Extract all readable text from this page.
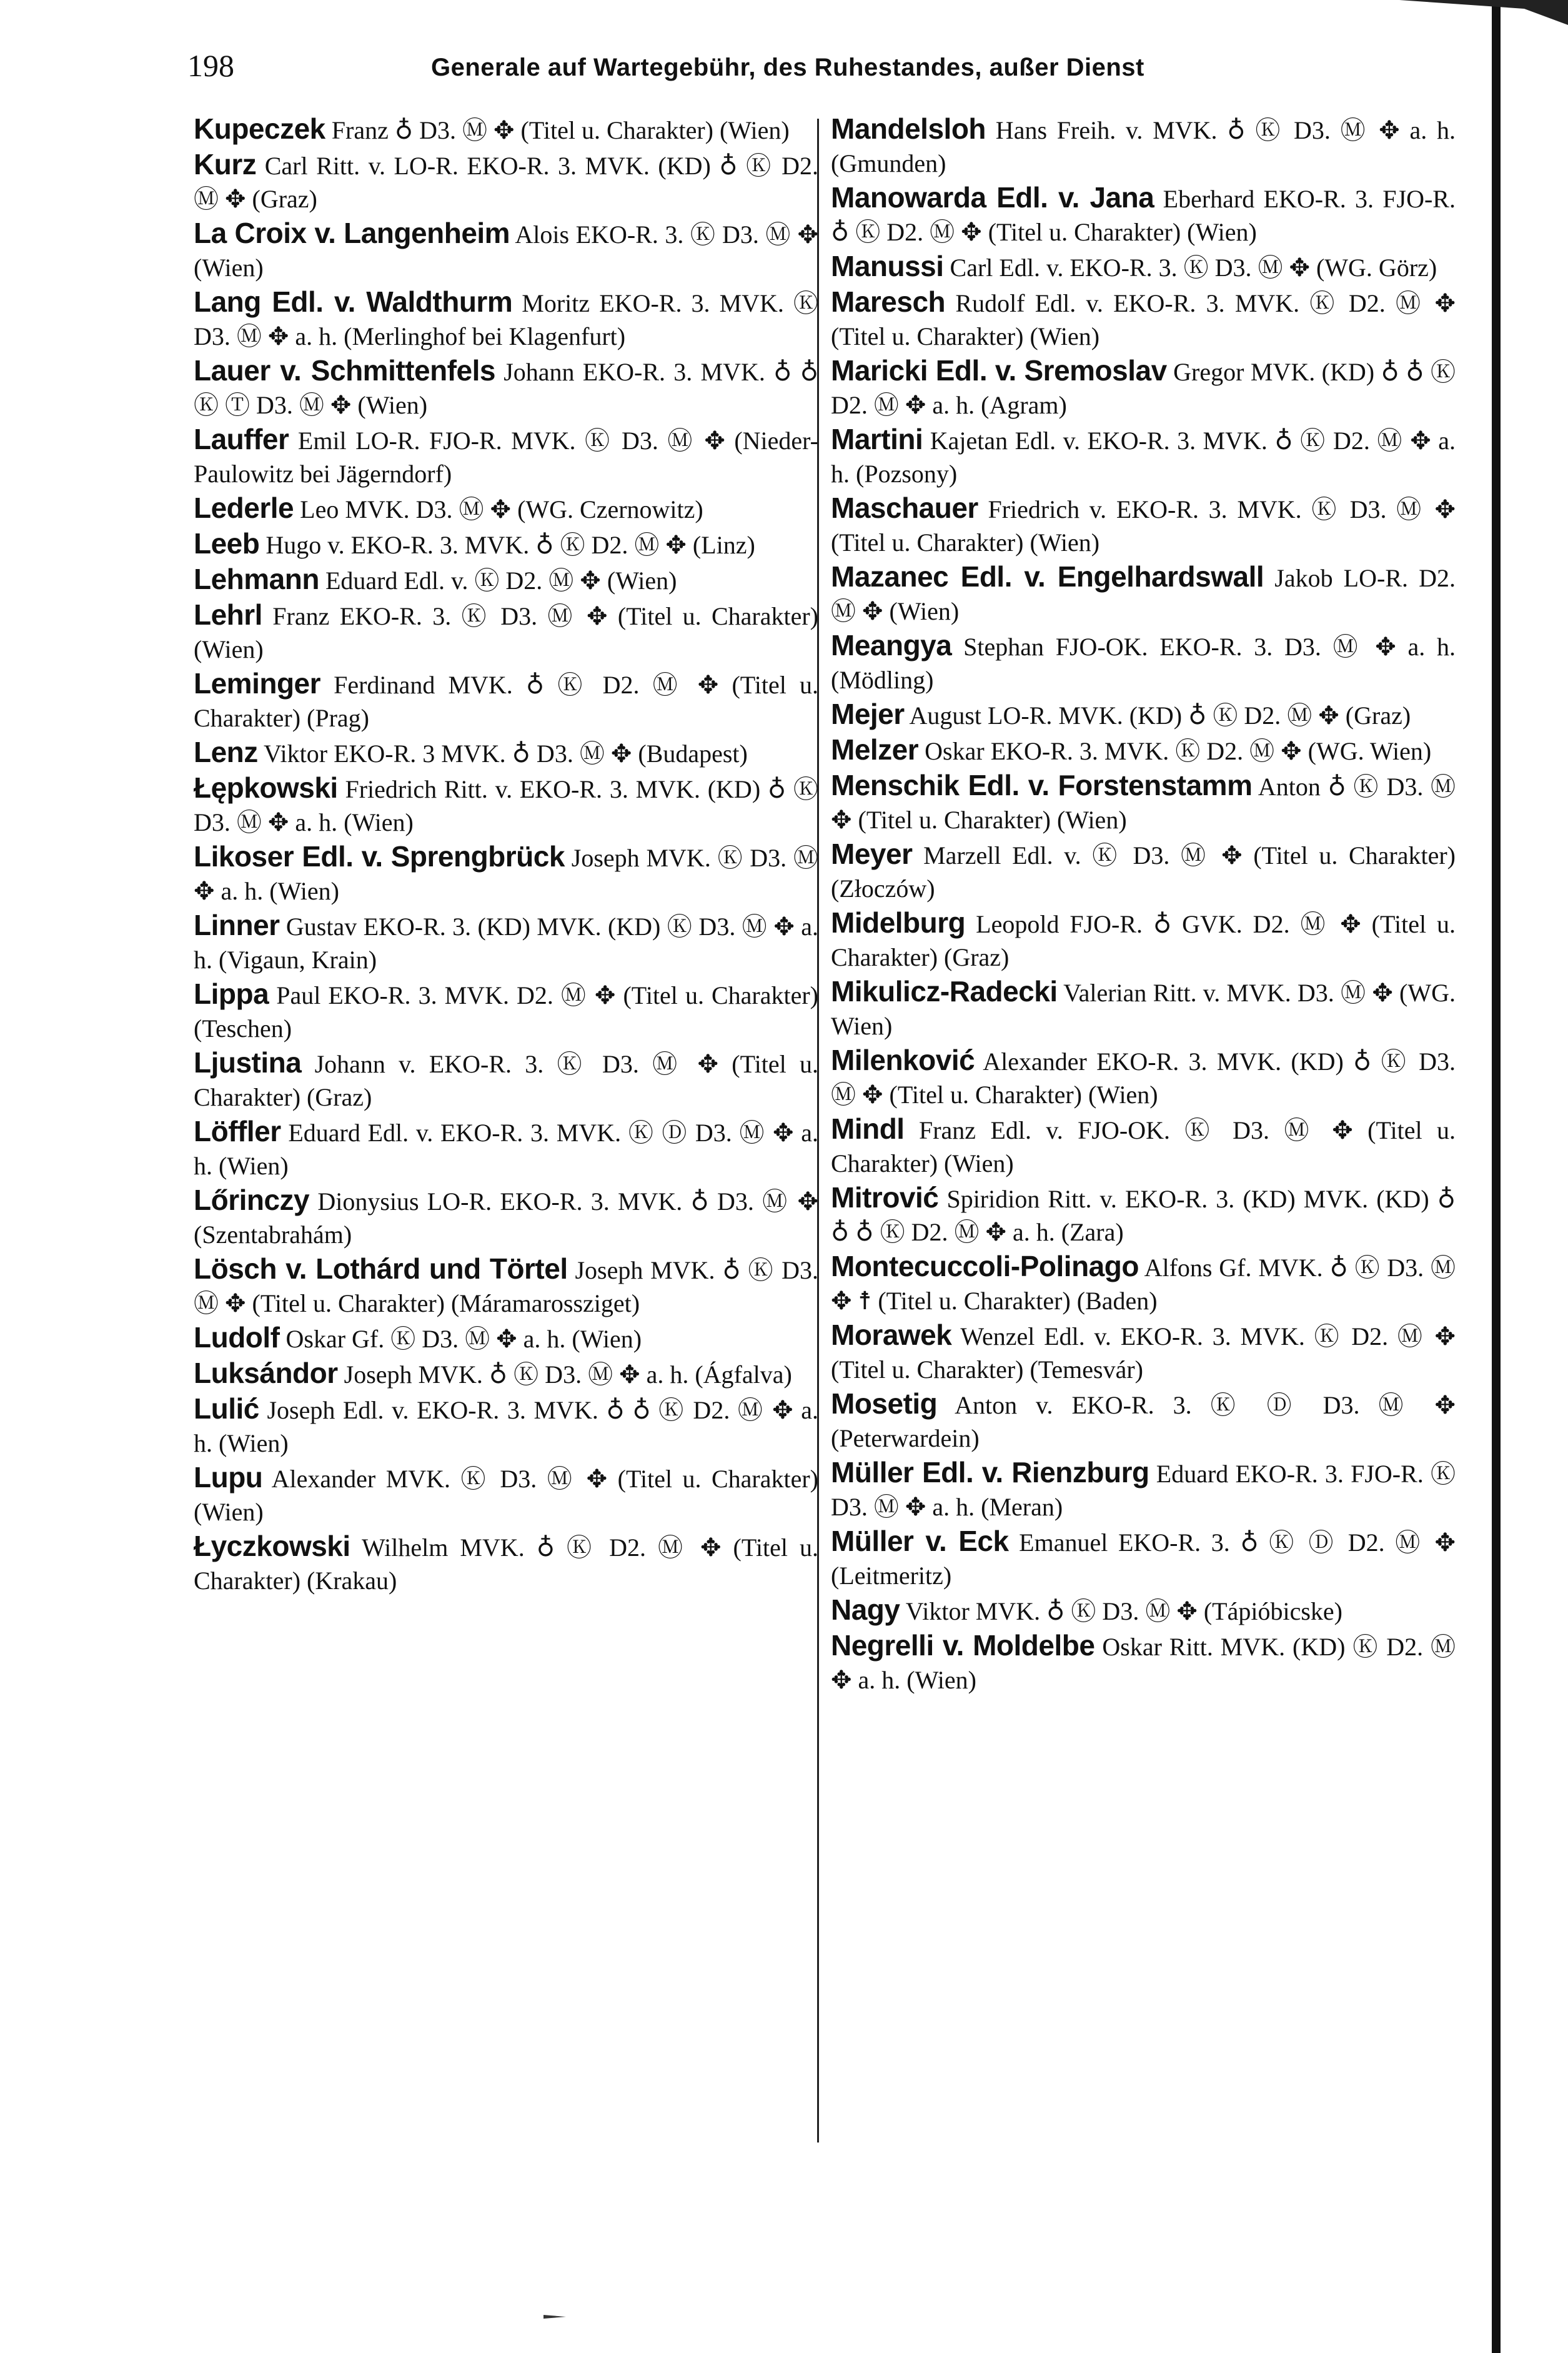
198	Generale auf Wartegebühr, des Ruhestandes, außer Dienst
Kupeczek Franz ♁ D3. Ⓜ ✥ (Titel u. Charakter) (Wien)
Kurz Carl Ritt. v. LO-R. EKO-R. 3. MVK. (KD) ♁ Ⓚ D2. Ⓜ ✥ (Graz)
La Croix v. Langenheim Alois EKO-R. 3. Ⓚ D3. Ⓜ ✥ (Wien)
Lang Edl. v. Waldthurm Moritz EKO-R. 3. MVK. Ⓚ D3. Ⓜ ✥ a. h. (Merlinghof bei Klagenfurt)
Lauer v. Schmittenfels Johann EKO-R. 3. MVK. ♁ ♁ Ⓚ Ⓣ D3. Ⓜ ✥ (Wien)
Lauffer Emil LO-R. FJO-R. MVK. Ⓚ D3. Ⓜ ✥ (Nieder-Paulowitz bei Jägerndorf)
Lederle Leo MVK. D3. Ⓜ ✥ (WG. Czernowitz)
Leeb Hugo v. EKO-R. 3. MVK. ♁ Ⓚ D2. Ⓜ ✥ (Linz)
Lehmann Eduard Edl. v. Ⓚ D2. Ⓜ ✥ (Wien)
Lehrl Franz EKO-R. 3. Ⓚ D3. Ⓜ ✥ (Titel u. Charakter) (Wien)
Leminger Ferdinand MVK. ♁ Ⓚ D2. Ⓜ ✥ (Titel u. Charakter) (Prag)
Lenz Viktor EKO-R. 3 MVK. ♁ D3. Ⓜ ✥ (Budapest)
Łępkowski Friedrich Ritt. v. EKO-R. 3. MVK. (KD) ♁ Ⓚ D3. Ⓜ ✥ a. h. (Wien)
Likoser Edl. v. Sprengbrück Joseph MVK. Ⓚ D3. Ⓜ ✥ a. h. (Wien)
Linner Gustav EKO-R. 3. (KD) MVK. (KD) Ⓚ D3. Ⓜ ✥ a. h. (Vigaun, Krain)
Lippa Paul EKO-R. 3. MVK. D2. Ⓜ ✥ (Titel u. Charakter) (Teschen)
Ljustina Johann v. EKO-R. 3. Ⓚ D3. Ⓜ ✥ (Titel u. Charakter) (Graz)
Löffler Eduard Edl. v. EKO-R. 3. MVK. Ⓚ Ⓓ D3. Ⓜ ✥ a. h. (Wien)
Lőrinczy Dionysius LO-R. EKO-R. 3. MVK. ♁ D3. Ⓜ ✥ (Szentabrahám)
Lösch v. Lothárd und Törtel Joseph MVK. ♁ Ⓚ D3. Ⓜ ✥ (Titel u. Charakter) (Máramarossziget)
Ludolf Oskar Gf. Ⓚ D3. Ⓜ ✥ a. h. (Wien)
Luksándor Joseph MVK. ♁ Ⓚ D3. Ⓜ ✥ a. h. (Ágfalva)
Lulić Joseph Edl. v. EKO-R. 3. MVK. ♁ ♁ Ⓚ D2. Ⓜ ✥ a. h. (Wien)
Lupu Alexander MVK. Ⓚ D3. Ⓜ ✥ (Titel u. Charakter) (Wien)
Łyczkowski Wilhelm MVK. ♁ Ⓚ D2. Ⓜ ✥ (Titel u. Charakter) (Krakau)
Mandelsloh Hans Freih. v. MVK. ♁ Ⓚ D3. Ⓜ ✥ a. h. (Gmunden)
Manowarda Edl. v. Jana Eberhard EKO-R. 3. FJO-R. ♁ Ⓚ D2. Ⓜ ✥ (Titel u. Charakter) (Wien)
Manussi Carl Edl. v. EKO-R. 3. Ⓚ D3. Ⓜ ✥ (WG. Görz)
Maresch Rudolf Edl. v. EKO-R. 3. MVK. Ⓚ D2. Ⓜ ✥ (Titel u. Charakter) (Wien)
Maricki Edl. v. Sremoslav Gregor MVK. (KD) ♁ ♁ Ⓚ D2. Ⓜ ✥ a. h. (Agram)
Martini Kajetan Edl. v. EKO-R. 3. MVK. ♁ Ⓚ D2. Ⓜ ✥ a. h. (Pozsony)
Maschauer Friedrich v. EKO-R. 3. MVK. Ⓚ D3. Ⓜ ✥ (Titel u. Charakter) (Wien)
Mazanec Edl. v. Engelhardswall Jakob LO-R. D2. Ⓜ ✥ (Wien)
Meangya Stephan FJO-OK. EKO-R. 3. D3. Ⓜ ✥ a. h. (Mödling)
Mejer August LO-R. MVK. (KD) ♁ Ⓚ D2. Ⓜ ✥ (Graz)
Melzer Oskar EKO-R. 3. MVK. Ⓚ D2. Ⓜ ✥ (WG. Wien)
Menschik Edl. v. Forstenstamm Anton ♁ Ⓚ D3. Ⓜ ✥ (Titel u. Charakter) (Wien)
Meyer Marzell Edl. v. Ⓚ D3. Ⓜ ✥ (Titel u. Charakter) (Złoczów)
Midelburg Leopold FJO-R. ♁ GVK. D2. Ⓜ ✥ (Titel u. Charakter) (Graz)
Mikulicz-Radecki Valerian Ritt. v. MVK. D3. Ⓜ ✥ (WG. Wien)
Milenković Alexander EKO-R. 3. MVK. (KD) ♁ Ⓚ D3. Ⓜ ✥ (Titel u. Charakter) (Wien)
Mindl Franz Edl. v. FJO-OK. Ⓚ D3. Ⓜ ✥ (Titel u. Charakter) (Wien)
Mitrović Spiridion Ritt. v. EKO-R. 3. (KD) MVK. (KD) ♁ ♁ ♁ Ⓚ D2. Ⓜ ✥ a. h. (Zara)
Montecuccoli-Polinago Alfons Gf. MVK. ♁ Ⓚ D3. Ⓜ ✥ ☨ (Titel u. Charakter) (Baden)
Morawek Wenzel Edl. v. EKO-R. 3. MVK. Ⓚ D2. Ⓜ ✥ (Titel u. Charakter) (Temesvár)
Mosetig Anton v. EKO-R. 3. Ⓚ Ⓓ D3. Ⓜ ✥ (Peterwardein)
Müller Edl. v. Rienzburg Eduard EKO-R. 3. FJO-R. Ⓚ D3. Ⓜ ✥ a. h. (Meran)
Müller v. Eck Emanuel EKO-R. 3. ♁ Ⓚ Ⓓ D2. Ⓜ ✥ (Leitmeritz)
Nagy Viktor MVK. ♁ Ⓚ D3. Ⓜ ✥ (Tápióbicske)
Negrelli v. Moldelbe Oskar Ritt. MVK. (KD) Ⓚ D2. Ⓜ ✥ a. h. (Wien)
